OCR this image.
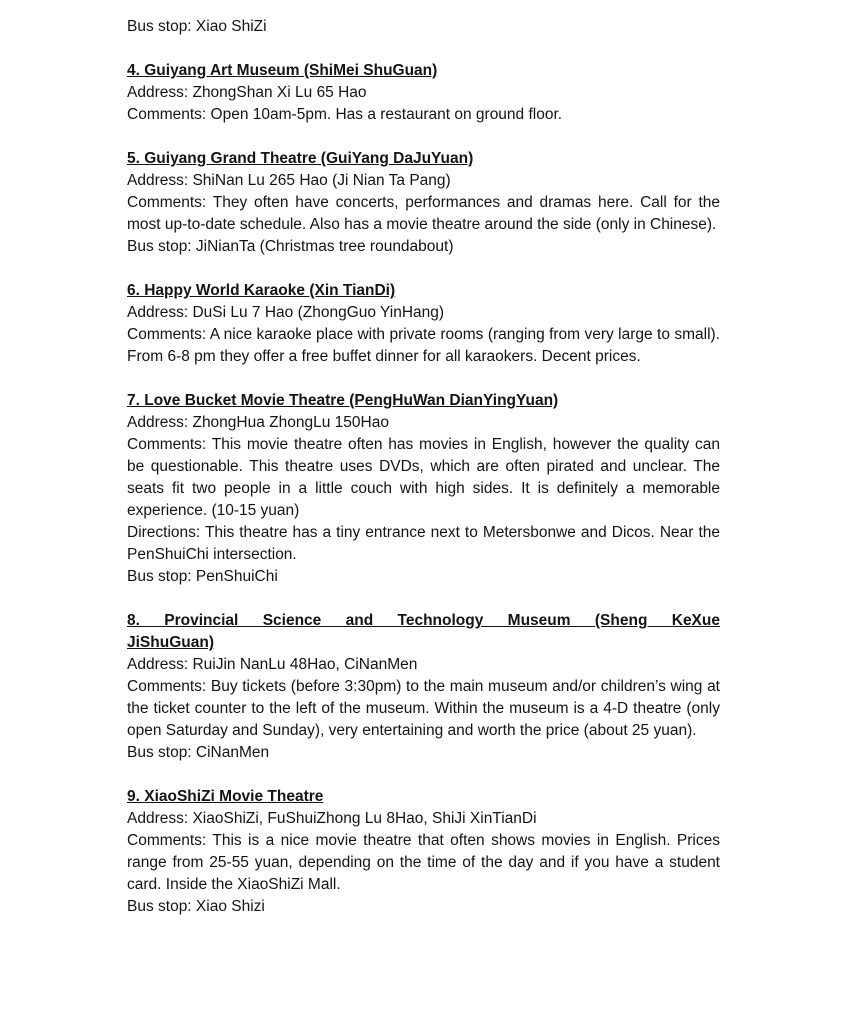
Bus stop: Xiao ShiZi

4. Guiyang Art Museum (ShiMei ShuGuan)

Address: ZhongShan Xi Lu 65 Hao

Comments: Open 10am-5pm. Has a restaurant on ground floor.

5. Guiyang Grand Theatre (GuiYang DaJuYuan)

Address: ShiNan Lu 265 Hao (Ji Nian Ta Pang)

Comments: They often have concerts, performances and dramas here. Call for the most up-to-date schedule. Also has a movie theatre around the side (only in Chinese).

Bus stop: JiNianTa (Christmas tree roundabout)

6. Happy World Karaoke (Xin TianDi)

Address: DuSi Lu 7 Hao (ZhongGuo YinHang)

Comments: A nice karaoke place with private rooms (ranging from very large to small). From 6-8 pm they offer a free buffet dinner for all karaokers. Decent prices.

7. Love Bucket Movie Theatre (PengHuWan DianYingYuan)

Address: ZhongHua ZhongLu 150Hao

Comments: This movie theatre often has movies in English, however the quality can be questionable. This theatre uses DVDs, which are often pirated and unclear. The seats fit two people in a little couch with high sides. It is definitely a memorable experience. (10-15 yuan)

Directions: This theatre has a tiny entrance next to Metersbonwe and Dicos. Near the PenShuiChi intersection.

Bus stop: PenShuiChi

8. Provincial Science and Technology Museum (Sheng KeXue
JiShuGuan)

Address: RuiJin NanLu 48Hao, CiNanMen

Comments: Buy tickets (before 3:30pm) to the main museum and/or children’s wing at the ticket counter to the left of the museum. Within the museum is a 4-D theatre (only open Saturday and Sunday), very entertaining and worth the price (about 25 yuan).

Bus stop: CiNanMen

9. XiaoShiZi Movie Theatre

Address: XiaoShiZi, FuShuiZhong Lu 8Hao, ShiJi XinTianDi

Comments: This is a nice movie theatre that often shows movies in English. Prices range from 25-55 yuan, depending on the time of the day and if you have a student card. Inside the XiaoShiZi Mall.

Bus stop: Xiao Shizi
